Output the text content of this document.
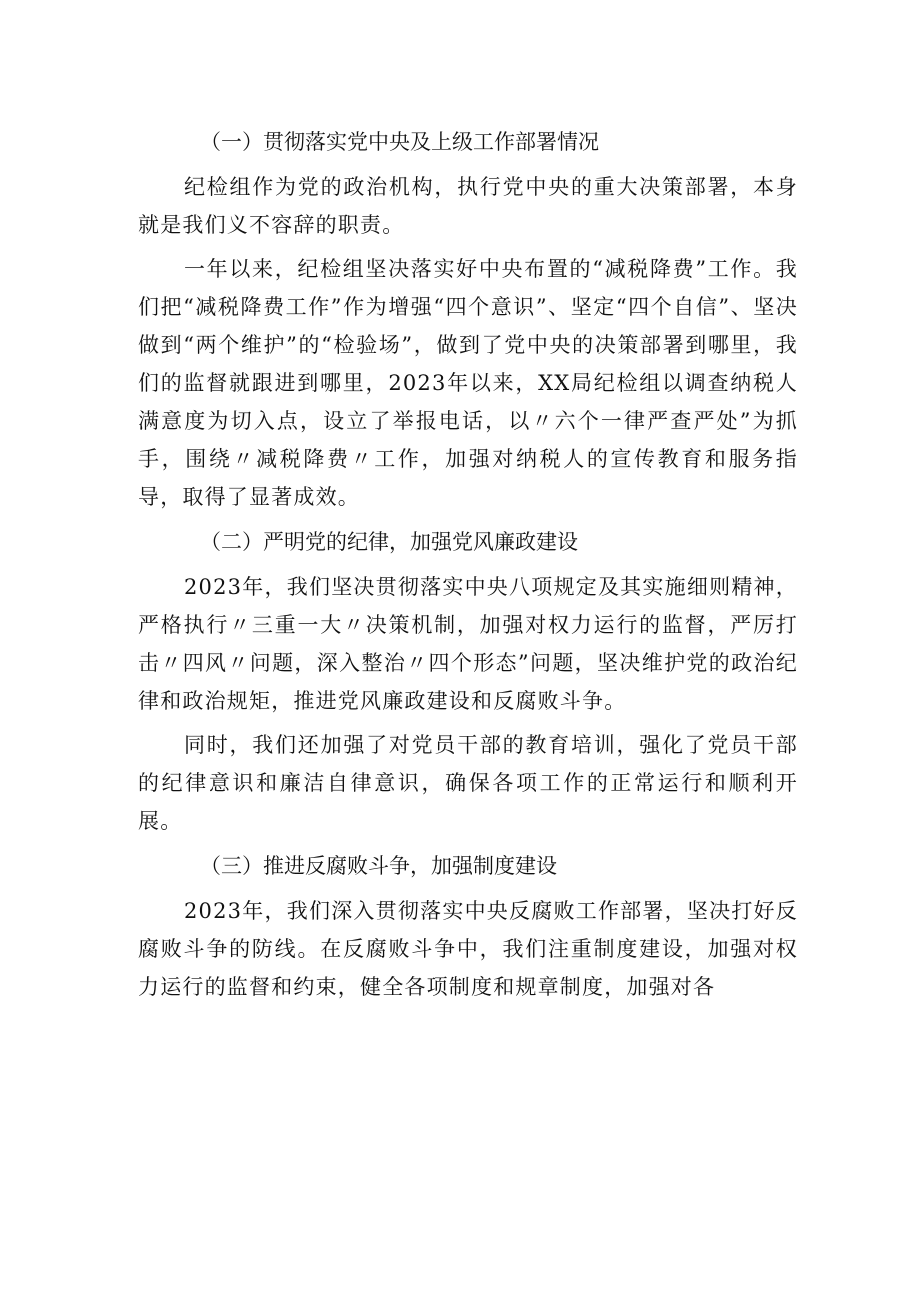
（一）贯彻落实党中央及上级工作部署情况

纪检组作为党的政治机构，执行党中央的重大决策部署，本身就是我们义不容辞的职责。

一年以来，纪检组坚决落实好中央布置的“减税降费”工作。我们把“减税降费工作”作为增强“四个意识”、坚定“四个自信”、坚决做到“两个维护”的“检验场”，做到了党中央的决策部署到哪里，我们的监督就跟进到哪里，2023年以来，XX局纪检组以调查纳税人满意度为切入点，设立了举报电话，以〃六个一律严查严处”为抓手，围绕〃减税降费〃工作，加强对纳税人的宣传教育和服务指导，取得了显著成效。

（二）严明党的纪律，加强党风廉政建设

2023年，我们坚决贯彻落实中央八项规定及其实施细则精神，严格执行〃三重一大〃决策机制，加强对权力运行的监督，严厉打击〃四风〃问题，深入整治〃四个形态”问题，坚决维护党的政治纪律和政治规矩，推进党风廉政建设和反腐败斗争。

同时，我们还加强了对党员干部的教育培训，强化了党员干部的纪律意识和廉洁自律意识，确保各项工作的正常运行和顺利开展。

（三）推进反腐败斗争，加强制度建设

2023年，我们深入贯彻落实中央反腐败工作部署，坚决打好反腐败斗争的防线。在反腐败斗争中，我们注重制度建设，加强对权力运行的监督和约束，健全各项制度和规章制度，加强对各
